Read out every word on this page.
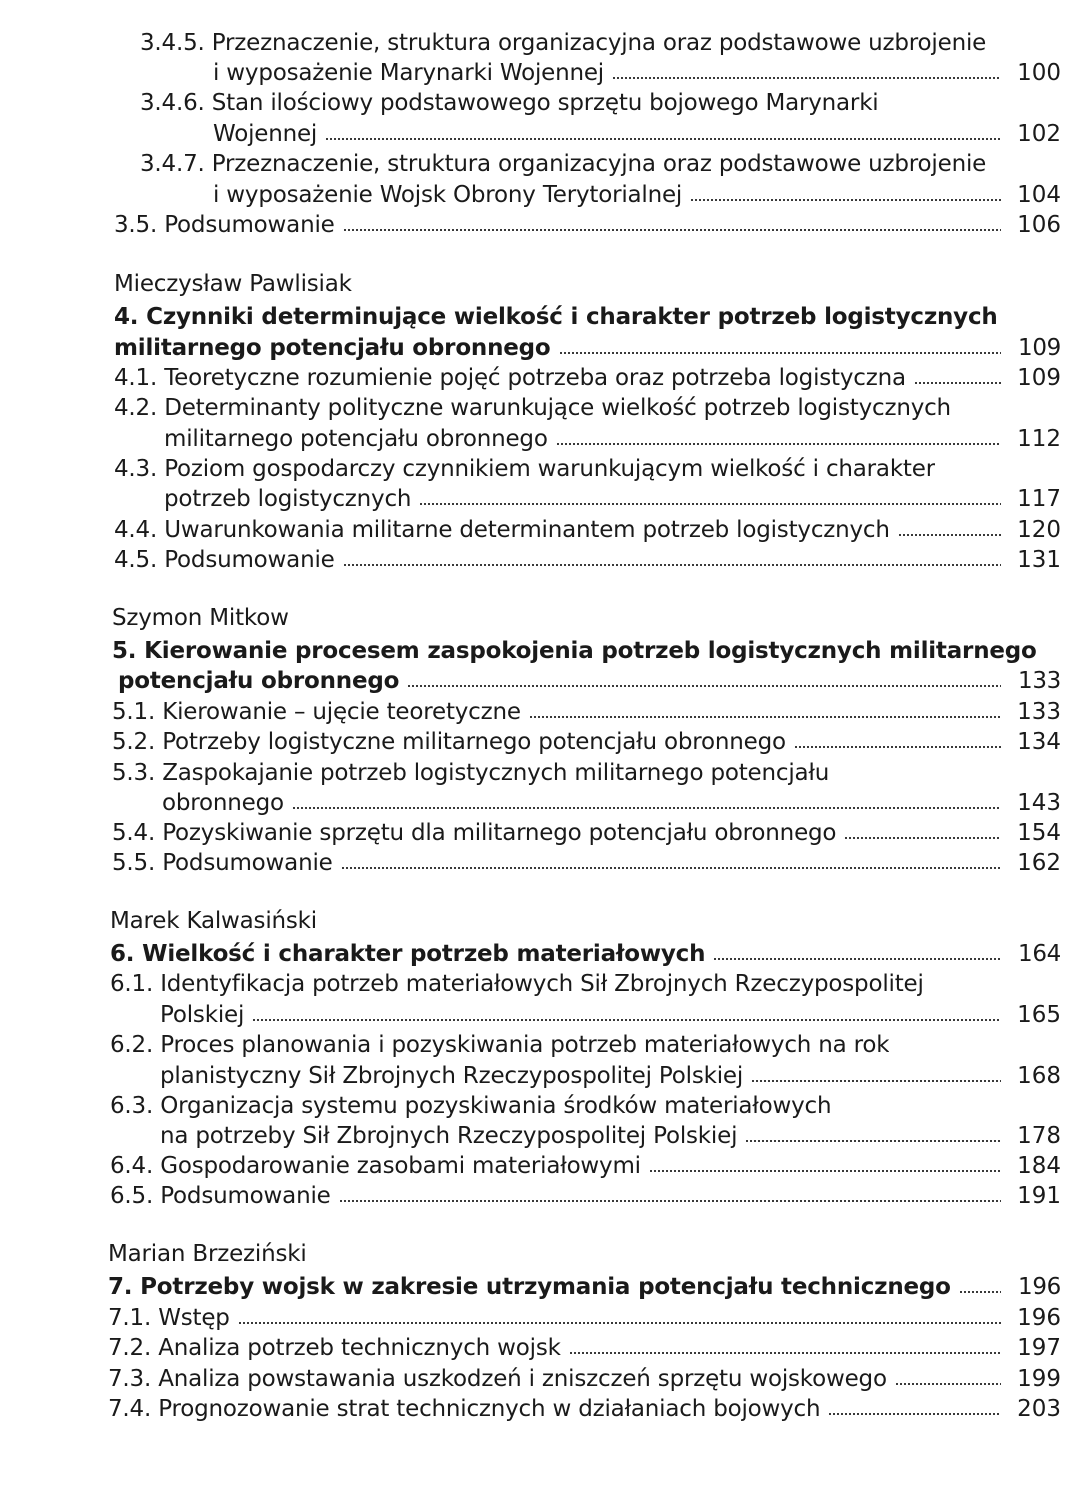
3.4.5. Przeznaczenie, struktura organizacyjna oraz podstawowe uzbrojenie
i wyposażenie Marynarki Wojennej	100
3.4.6. Stan ilościowy podstawowego sprzętu bojowego Marynarki
Wojennej	102
3.4.7. Przeznaczenie, struktura organizacyjna oraz podstawowe uzbrojenie
i wyposażenie Wojsk Obrony Terytorialnej	104
3.5. Podsumowanie	106
Mieczysław Pawlisiak
4. Czynniki determinujące wielkość i charakter potrzeb logistycznych
militarnego potencjału obronnego	109
4.1. Teoretyczne rozumienie pojęć potrzeba oraz potrzeba logistyczna	109
4.2. Determinanty polityczne warunkujące wielkość potrzeb logistycznych
militarnego potencjału obronnego	112
4.3. Poziom gospodarczy czynnikiem warunkującym wielkość i charakter
potrzeb logistycznych	117
4.4. Uwarunkowania militarne determinantem potrzeb logistycznych	120
4.5. Podsumowanie	131
Szymon Mitkow
5. Kierowanie procesem zaspokojenia potrzeb logistycznych militarnego
potencjału obronnego	133
5.1. Kierowanie – ujęcie teoretyczne	133
5.2. Potrzeby logistyczne militarnego potencjału obronnego	134
5.3. Zaspokajanie potrzeb logistycznych militarnego potencjału
obronnego	143
5.4. Pozyskiwanie sprzętu dla militarnego potencjału obronnego	154
5.5. Podsumowanie	162
Marek Kalwasiński
6. Wielkość i charakter potrzeb materiałowych	164
6.1. Identyfikacja potrzeb materiałowych Sił Zbrojnych Rzeczypospolitej
Polskiej	165
6.2. Proces planowania i pozyskiwania potrzeb materiałowych na rok
planistyczny Sił Zbrojnych Rzeczypospolitej Polskiej	168
6.3. Organizacja systemu pozyskiwania środków materiałowych
na potrzeby Sił Zbrojnych Rzeczypospolitej Polskiej	178
6.4. Gospodarowanie zasobami materiałowymi	184
6.5. Podsumowanie	191
Marian Brzeziński
7. Potrzeby wojsk w zakresie utrzymania potencjału technicznego	196
7.1. Wstęp	196
7.2. Analiza potrzeb technicznych wojsk	197
7.3. Analiza powstawania uszkodzeń i zniszczeń sprzętu wojskowego	199
7.4. Prognozowanie strat technicznych w działaniach bojowych	203
